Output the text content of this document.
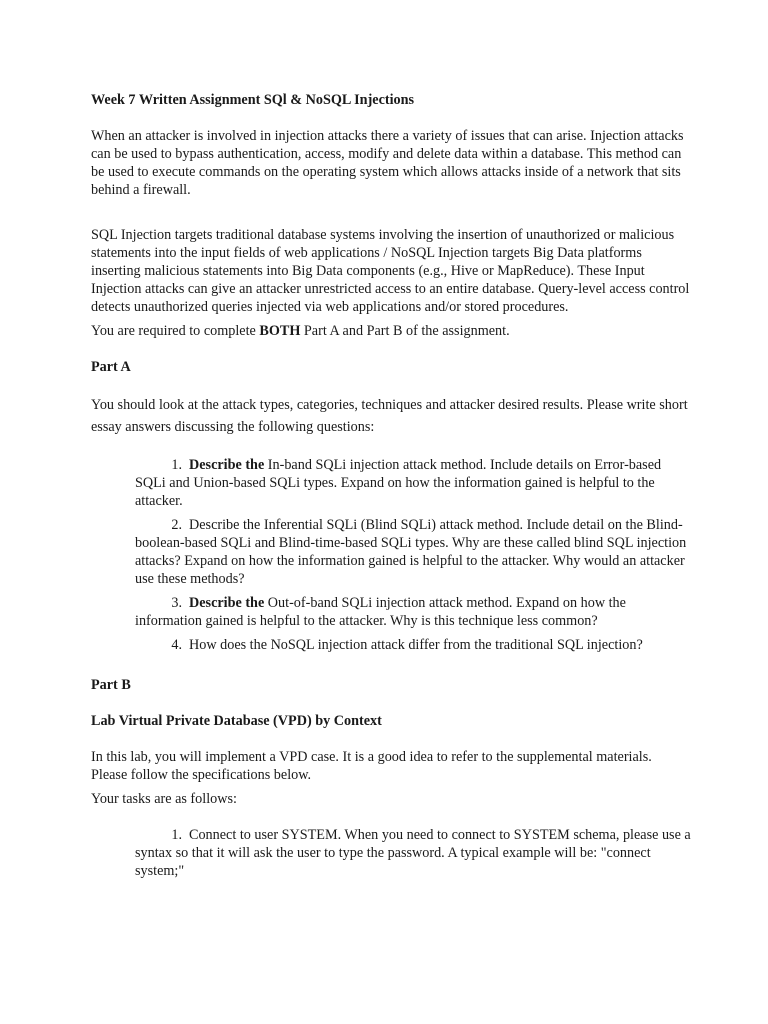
Week 7 Written Assignment SQl & NoSQL Injections

When an attacker is involved in injection attacks there a variety of issues that can arise. Injection attacks can be used to bypass authentication, access, modify and delete data within a database. This method can be used to execute commands on the operating system which allows attacks inside of a network that sits behind a firewall.

SQL Injection targets traditional database systems involving the insertion of unauthorized or malicious statements into the input fields of web applications / NoSQL Injection targets Big Data platforms inserting malicious statements into Big Data components (e.g., Hive or MapReduce). These Input Injection attacks can give an attacker unrestricted access to an entire database. Query-level access control detects unauthorized queries injected via web applications and/or stored procedures.

You are required to complete BOTH Part A and Part B of the assignment.

Part A

You should look at the attack types, categories, techniques and attacker desired results. Please write short essay answers discussing the following questions:

1. Describe the In-band SQLi injection attack method. Include details on Error-based SQLi and Union-based SQLi types. Expand on how the information gained is helpful to the attacker.
2. Describe the Inferential SQLi (Blind SQLi) attack method. Include detail on the Blind-boolean-based SQLi and Blind-time-based SQLi types. Why are these called blind SQL injection attacks? Expand on how the information gained is helpful to the attacker. Why would an attacker use these methods?
3. Describe the Out-of-band SQLi injection attack method. Expand on how the information gained is helpful to the attacker. Why is this technique less common?
4. How does the NoSQL injection attack differ from the traditional SQL injection?

Part B

Lab Virtual Private Database (VPD) by Context

In this lab, you will implement a VPD case. It is a good idea to refer to the supplemental materials. Please follow the specifications below.

Your tasks are as follows:

1. Connect to user SYSTEM. When you need to connect to SYSTEM schema, please use a syntax so that it will ask the user to type the password. A typical example will be: "connect system;"
